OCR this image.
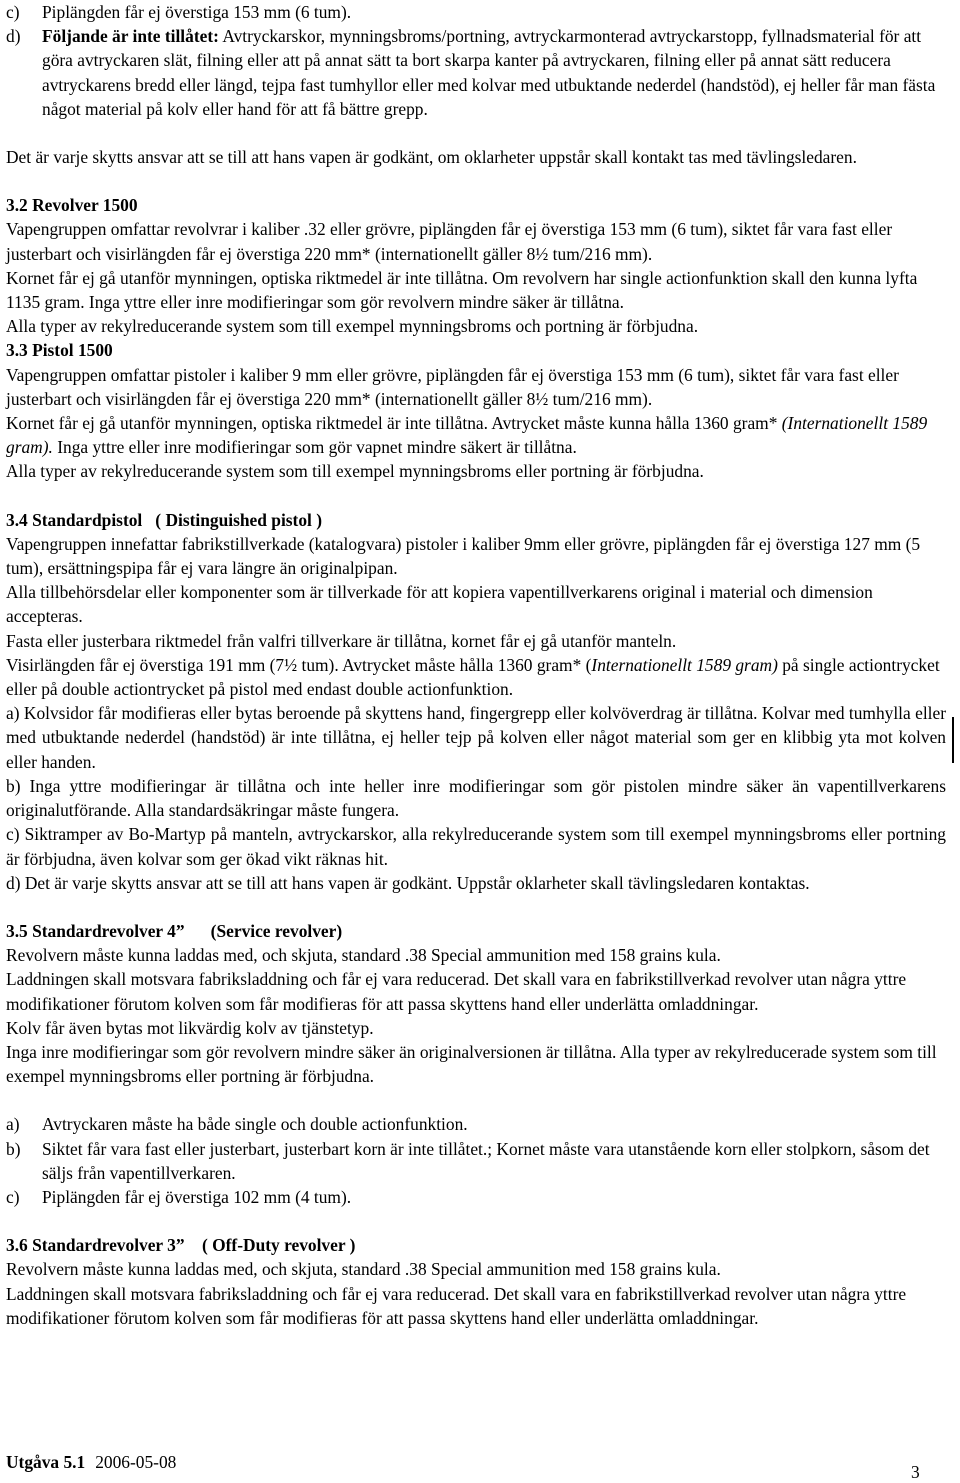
c) Piplängden får ej överstiga 153 mm (6 tum).

d) Följande är inte tillåtet: Avtryckarskor, mynningsbroms/portning, avtryckarmonterad avtryckarstopp, fyllnadsmaterial för att göra avtryckaren slät, filning eller att på annat sätt ta bort skarpa kanter på avtryckaren, filning eller på annat sätt reducera avtryckarens bredd eller längd, tejpa fast tumhyllor eller med kolvar med utbuktande nederdel (handstöd), ej heller får man fästa något material på kolv eller hand för att få bättre grepp.

Det är varje skytts ansvar att se till att hans vapen är godkänt, om oklarheter uppstår skall kontakt tas med tävlingsledaren.

3.2 Revolver 1500

Vapengruppen omfattar revolvrar i kaliber .32 eller grövre, piplängden får ej överstiga 153 mm (6 tum), siktet får vara fast eller justerbart och visirlängden får ej överstiga 220 mm* (internationellt gäller 8½ tum/216 mm).

Kornet får ej gå utanför mynningen, optiska riktmedel är inte tillåtna. Om revolvern har single actionfunktion skall den kunna lyfta 1135 gram. Inga yttre eller inre modifieringar som gör revolvern mindre säker är tillåtna.

Alla typer av rekylreducerande system som till exempel mynningsbroms och portning är förbjudna.

3.3 Pistol 1500

Vapengruppen omfattar pistoler i kaliber 9 mm eller grövre, piplängden får ej överstiga 153 mm (6 tum), siktet får vara fast eller justerbart och visirlängden får ej överstiga 220 mm* (internationellt gäller 8½ tum/216 mm).

Kornet får ej gå utanför mynningen, optiska riktmedel är inte tillåtna. Avtrycket måste kunna hålla 1360 gram* (Internationellt 1589 gram). Inga yttre eller inre modifieringar som gör vapnet mindre säkert är tillåtna.

Alla typer av rekylreducerande system som till exempel mynningsbroms eller portning är förbjudna.

3.4 Standardpistol   ( Distinguished pistol )

Vapengruppen innefattar fabrikstillverkade (katalogvara) pistoler i kaliber 9mm eller grövre, piplängden får ej överstiga 127 mm (5 tum), ersättningspipa får ej vara längre än originalpipan.

Alla tillbehörsdelar eller komponenter som är tillverkade för att kopiera vapentillverkarens original i material och dimension accepteras.

Fasta eller justerbara riktmedel från valfri tillverkare är tillåtna, kornet får ej gå utanför manteln.

Visirlängden får ej överstiga 191 mm (7½ tum). Avtrycket måste hålla 1360 gram* (Internationellt 1589 gram) på single actiontrycket eller på double actiontrycket på pistol med endast double actionfunktion.

a) Kolvsidor får modifieras eller bytas beroende på skyttens hand, fingergrepp eller kolvöverdrag är tillåtna. Kolvar med tumhylla eller med utbuktande nederdel (handstöd) är inte tillåtna, ej heller tejp på kolven eller något material som ger en klibbig yta mot kolven eller handen.

b) Inga yttre modifieringar är tillåtna och inte heller inre modifieringar som gör pistolen mindre säker än vapentillverkarens originalutförande. Alla standardsäkringar måste fungera.

c) Siktramper av Bo-Martyp på manteln, avtryckarskor, alla rekylreducerande system som till exempel mynningsbroms eller portning är förbjudna, även kolvar som ger ökad vikt räknas hit.

d) Det är varje skytts ansvar att se till att hans vapen är godkänt. Uppstår oklarheter skall tävlingsledaren kontaktas.

3.5 Standardrevolver 4”      (Service revolver)

Revolvern måste kunna laddas med, och skjuta, standard .38 Special ammunition med 158 grains kula.

Laddningen skall motsvara fabriksladdning och får ej vara reducerad. Det skall vara en fabrikstillverkad revolver utan några yttre modifikationer förutom kolven som får modifieras för att passa skyttens hand eller underlätta omladdningar.

Kolv får även bytas mot likvärdig kolv av tjänstetyp.

Inga inre modifieringar som gör revolvern mindre säker än originalversionen är tillåtna. Alla typer av rekylreducerade system som till exempel mynningsbroms eller portning är förbjudna.

a) Avtryckaren måste ha både single och double actionfunktion.

b) Siktet får vara fast eller justerbart, justerbart korn är inte tillåtet.; Kornet måste vara utanstående korn eller stolpkorn, såsom det säljs från vapentillverkaren.

c) Piplängden får ej överstiga 102 mm (4 tum).

3.6 Standardrevolver 3”    ( Off-Duty revolver )

Revolvern måste kunna laddas med, och skjuta, standard .38 Special ammunition med 158 grains kula.

Laddningen skall motsvara fabriksladdning och får ej vara reducerad. Det skall vara en fabrikstillverkad revolver utan några yttre modifikationer förutom kolven som får modifieras för att passa skyttens hand eller underlätta omladdningar.

Utgåva 5.1 2006-05-08	3
